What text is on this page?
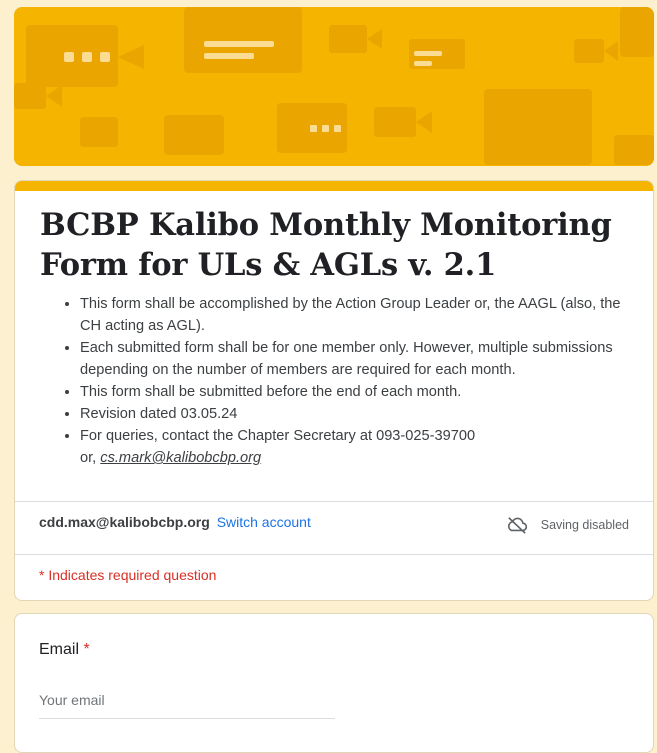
BCBP Kalibo Monthly Monitoring
Form for ULs & AGLs v. 2.1
• This form shall be accomplished by the Action Group Leader or, the AAGL (also, the CH acting as AGL).
• Each submitted form shall be for one member only. However, multiple submissions depending on the number of members are required for each month.
• This form shall be submitted before the end of each month.
• Revision dated 03.05.24
• For queries, contact the Chapter Secretary at 093-025-39700
or, cs.mark@kalibobcbp.org
cdd.max@kalibobcbp.org Switch account	Saving disabled
* Indicates required question
Email *
Your email
